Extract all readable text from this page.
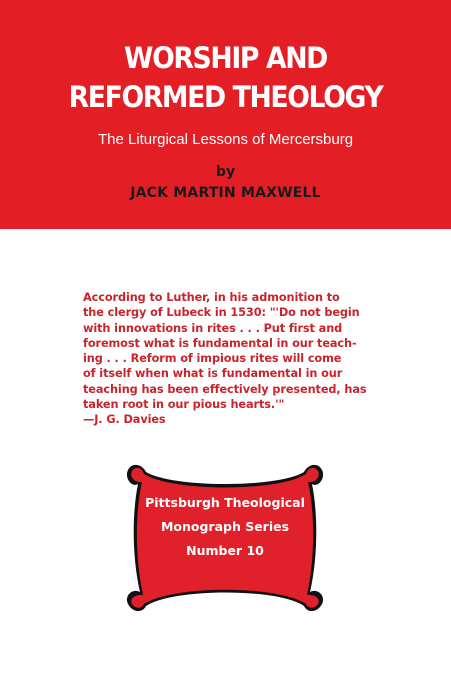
WORSHIP AND
REFORMED THEOLOGY
The Liturgical Lessons of Mercersburg
by
JACK MARTIN MAXWELL
According to Luther, in his admonition to
the clergy of Lubeck in 1530: "'Do not begin
with innovations in rites . . . Put first and
foremost what is fundamental in our teach-
ing . . . Reform of impious rites will come
of itself when what is fundamental in our
teaching has been effectively presented, has
taken root in our pious hearts.'"
—J. G. Davies
Pittsburgh Theological
Monograph Series
Number 10
